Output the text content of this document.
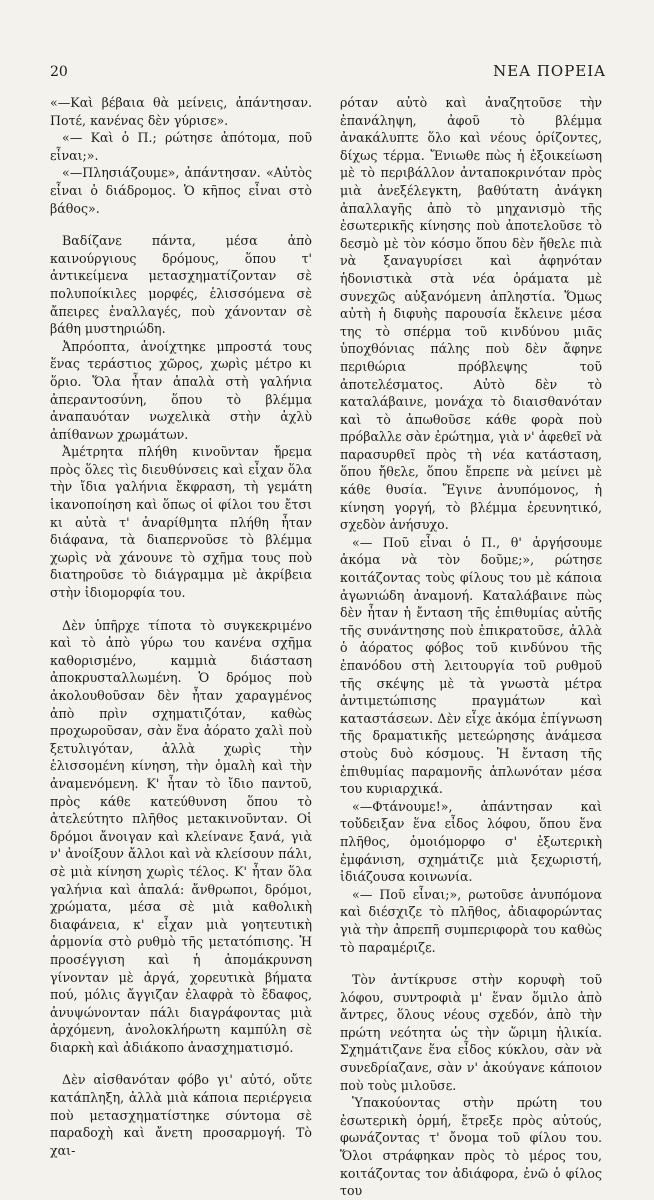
20	ΝΕΑ ΠΟΡΕΙΑ

«—Καὶ βέβαια θὰ μείνεις, ἀπάντησαν. Ποτέ, κανένας δὲν γύρισε».

«— Καὶ ὁ Π.; ρώτησε ἀπότομα, ποῦ εἶναι;».

«—Πλησιάζουμε», ἀπάντησαν. «Αὐτὸς εἶναι ὁ διάδρομος. Ὁ κῆπος εἶναι στὸ βάθος».

Βαδίζανε πάντα, μέσα ἀπὸ καινούργιους δρόμους, ὅπου τ' ἀντικείμενα μετασχηματίζονταν σὲ πολυποίκιλες μορφές, ἑλισσόμενα σὲ ἄπειρες ἐναλλαγές, ποὺ χάνονταν σὲ βάθη μυστηριώδη.

Ἀπρόοπτα, ἀνοίχτηκε μπροστά τους ἕνας τεράστιος χῶρος, χωρὶς μέτρο κι ὅριο. Ὅλα ἦταν ἁπαλὰ στὴ γαλήνια ἀπεραντοσύνη, ὅπου τὸ βλέμμα ἀναπαυόταν νωχελικὰ στὴν ἀχλὺ ἀπίθανων χρωμάτων.

Ἀμέτρητα πλήθη κινοῦνταν ἤρεμα πρὸς ὅλες τὶς διευθύνσεις καὶ εἶχαν ὅλα τὴν ἴδια γαλήνια ἔκφραση, τὴ γεμάτη ἱκανοποίηση καὶ ὅπως οἱ φίλοι του ἔτσι κι αὐτὰ τ' ἀναρίθμητα πλήθη ἦταν διάφανα, τὰ διαπερνοῦσε τὸ βλέμμα χωρὶς νὰ χάνουνε τὸ σχῆμα τους ποὺ διατηροῦσε τὸ διάγραμμα μὲ ἀκρίβεια στὴν ἰδιομορφία του.

Δὲν ὑπῆρχε τίποτα τὸ συγκεκριμένο καὶ τὸ ἀπὸ γύρω του κανένα σχῆμα καθορισμένο, καμμιὰ διάσταση ἀποκρυσταλλωμένη. Ὁ δρόμος ποὺ ἀκολουθοῦσαν δὲν ἦταν χαραγμένος ἀπὸ πρὶν σχηματιζόταν, καθὼς προχωροῦσαν, σὰν ἕνα ἀόρατο χαλὶ ποὺ ξετυλιγόταν, ἀλλὰ χωρὶς τὴν ἑλισσομένη κίνηση, τὴν ὁμαλὴ καὶ τὴν ἀναμενόμενη. Κ' ἦταν τὸ ἴδιο παντοῦ, πρὸς κάθε κατεύθυνση ὅπου τὸ ἀτελεύτητο πλῆθος μετακινοῦνταν. Οἱ δρόμοι ἄνοιγαν καὶ κλείνανε ξανά, γιὰ ν' ἀνοίξουν ἄλλοι καὶ νὰ κλείσουν πάλι, σὲ μιὰ κίνηση χωρὶς τέλος. Κ' ἦταν ὅλα γαλήνια καὶ ἁπαλά: ἄνθρωποι, δρόμοι, χρώματα, μέσα σὲ μιὰ καθολικὴ διαφάνεια, κ' εἶχαν μιὰ γοητευτικὴ ἁρμονία στὸ ρυθμὸ τῆς μετατόπισης. Ἡ προσέγγιση καὶ ἡ ἀπομάκρυνση γίνονταν μὲ ἀργά, χορευτικὰ βήματα πού, μόλις ἄγγιζαν ἐλαφρὰ τὸ ἔδαφος, ἀνυψώνονταν πάλι διαγράφοντας μιὰ ἀρχόμενη, ἀνολοκλήρωτη καμπύλη σὲ διαρκὴ καὶ ἀδιάκοπο ἀνασχηματισμό.

Δὲν αἰσθανόταν φόβο γι' αὐτό, οὔτε κατάπληξη, ἀλλὰ μιὰ κάποια περιέργεια ποὺ μετασχηματίστηκε σύντομα σὲ παραδοχὴ καὶ ἄνετη προσαρμογή. Τὸ χαι-

ρόταν αὐτὸ καὶ ἀναζητοῦσε τὴν ἐπανάληψη, ἀφοῦ τὸ βλέμμα ἀνακάλυπτε ὅλο καὶ νέους ὁρίζοντες, δίχως τέρμα. Ἔνιωθε πὼς ἡ ἐξοικείωση μὲ τὸ περιβάλλον ἀνταποκρινόταν πρὸς μιὰ ἀνεξέλεγκτη, βαθύτατη ἀνάγκη ἀπαλλαγῆς ἀπὸ τὸ μηχανισμὸ τῆς ἐσωτερικῆς κίνησης ποὺ ἀποτελοῦσε τὸ δεσμὸ μὲ τὸν κόσμο ὅπου δὲν ἤθελε πιὰ νὰ ξαναγυρίσει καὶ ἀφηνόταν ἡδονιστικὰ στὰ νέα ὁράματα μὲ συνεχῶς αὐξανόμενη ἀπληστία. Ὅμως αὐτὴ ἡ διφυὴς παρουσία ἔκλεινε μέσα της τὸ σπέρμα τοῦ κινδύνου μιᾶς ὑποχθόνιας πάλης ποὺ δὲν ἄφηνε περιθώρια πρόβλεψης τοῦ ἀποτελέσματος. Αὐτὸ δὲν τὸ καταλάβαινε, μονάχα τὸ διαισθανόταν καὶ τὸ ἀπωθοῦσε κάθε φορὰ ποὺ πρόβαλλε σὰν ἐρώτημα, γιὰ ν' ἀφεθεῖ νὰ παρασυρθεῖ πρὸς τὴ νέα κατάσταση, ὅπου ἤθελε, ὅπου ἔπρεπε νὰ μείνει μὲ κάθε θυσία. Ἔγινε ἀνυπόμονος, ἡ κίνηση γοργή, τὸ βλέμμα ἐρευνητικό, σχεδὸν ἀνήσυχο.

«— Ποῦ εἶναι ὁ Π., θ' ἀργήσουμε ἀκόμα νὰ τὸν δοῦμε;», ρώτησε κοιτάζοντας τοὺς φίλους του μὲ κάποια ἀγωνιώδη ἀναμονή. Καταλάβαινε πὼς δὲν ἦταν ἡ ἔνταση τῆς ἐπιθυμίας αὐτῆς τῆς συνάντησης ποὺ ἐπικρατοῦσε, ἀλλὰ ὁ ἀόρατος φόβος τοῦ κινδύνου τῆς ἐπανόδου στὴ λειτουργία τοῦ ρυθμοῦ τῆς σκέψης μὲ τὰ γνωστὰ μέτρα ἀντιμετώπισης πραγμάτων καὶ καταστάσεων. Δὲν εἶχε ἀκόμα ἐπίγνωση τῆς δραματικῆς μετεώρησης ἀνάμεσα στοὺς δυὸ κόσμους. Ἡ ἔνταση τῆς ἐπιθυμίας παραμονῆς ἁπλωνόταν μέσα του κυριαρχικά.

«—Φτάνουμε!», ἀπάντησαν καὶ τοὔδειξαν ἕνα εἶδος λόφου, ὅπου ἕνα πλῆθος, ὁμοιόμορφο σ' ἐξωτερικὴ ἐμφάνιση, σχημάτιζε μιὰ ξεχωριστή, ἰδιάζουσα κοινωνία.

«— Ποῦ εἶναι;», ρωτοῦσε ἀνυπόμονα καὶ διέσχιζε τὸ πλῆθος, ἀδιαφορώντας γιὰ τὴν ἀπρεπῆ συμπεριφορὰ του καθὼς τὸ παραμέριζε.

Τὸν ἀντίκρυσε στὴν κορυφὴ τοῦ λόφου, συντροφιὰ μ' ἕναν ὅμιλο ἀπὸ ἄντρες, ὅλους νέους σχεδόν, ἀπὸ τὴν πρώτη νεότητα ὡς τὴν ὥριμη ἡλικία. Σχημάτιζανε ἕνα εἶδος κύκλου, σὰν νὰ συνεδρίαζανε, σὰν ν' ἀκούγανε κάποιον ποὺ τοὺς μιλοῦσε.

Ὑπακούοντας στὴν πρώτη του ἐσωτερικὴ ὁρμή, ἔτρεξε πρὸς αὐτούς, φωνάζοντας τ' ὄνομα τοῦ φίλου του. Ὅλοι στράφηκαν πρὸς τὸ μέρος του, κοιτάζοντας τον ἀδιάφορα, ἐνῶ ὁ φίλος του
